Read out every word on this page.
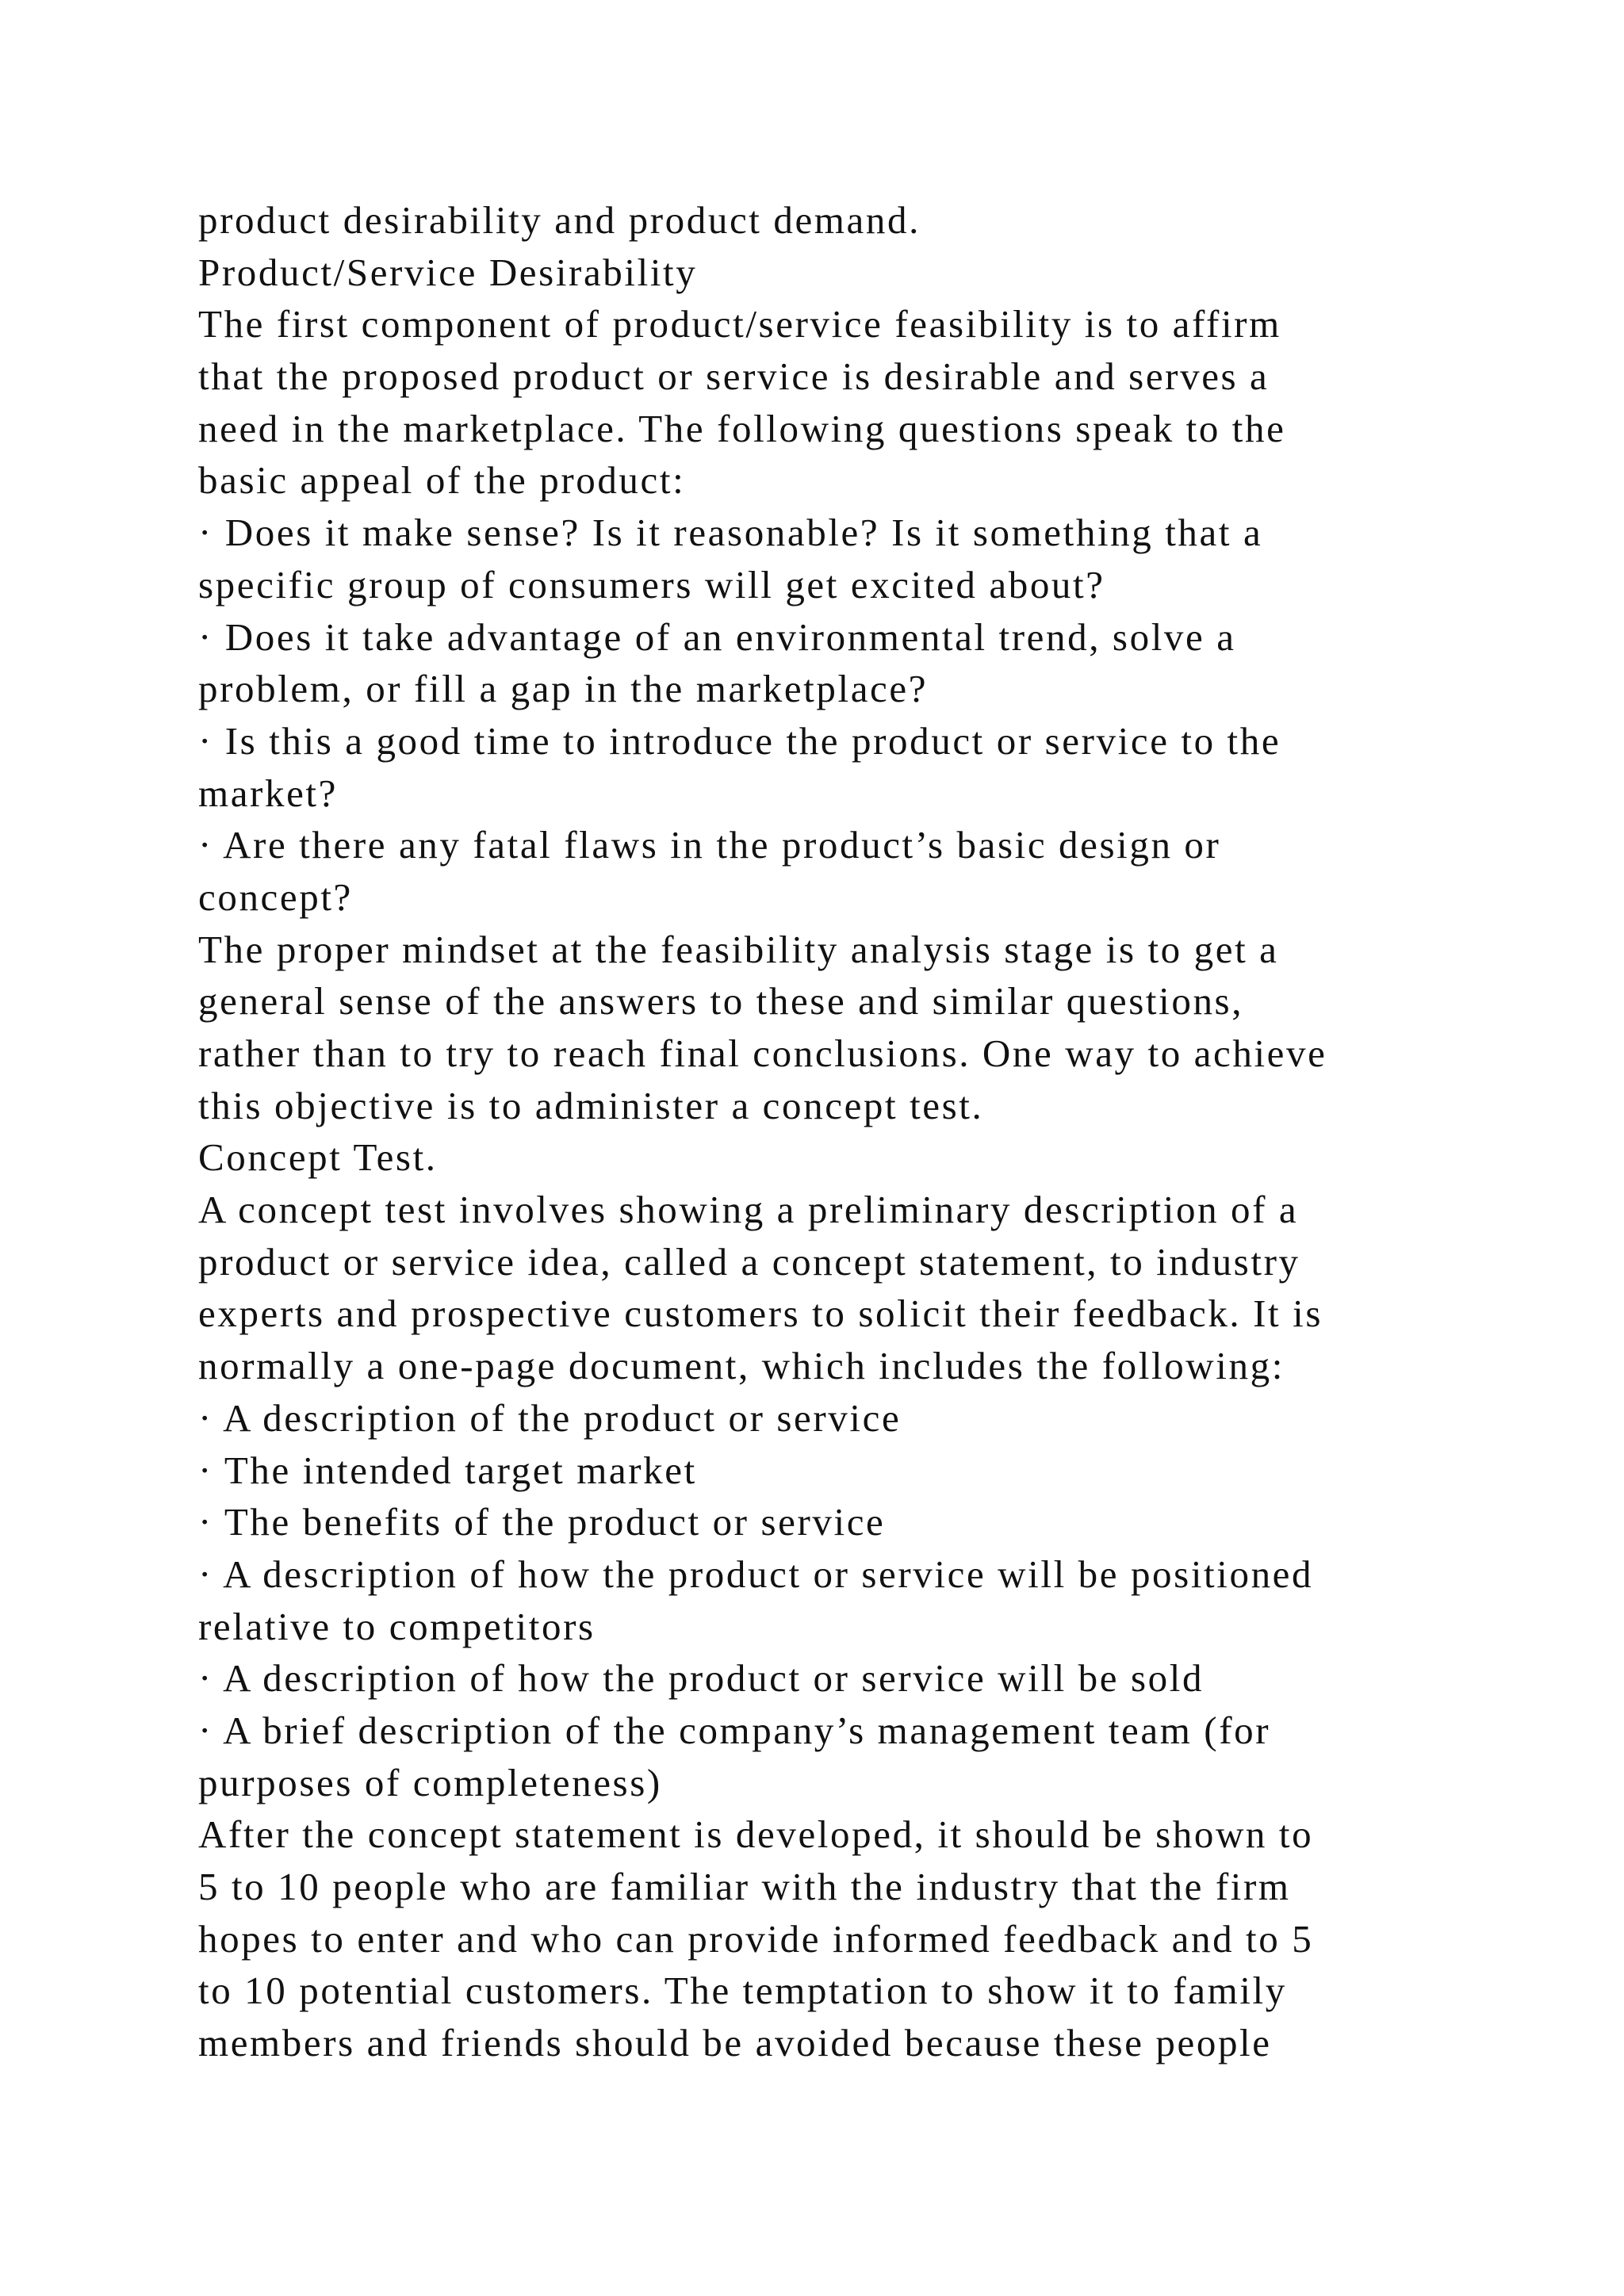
product desirability and product demand.
Product/Service Desirability
The first component of product/service feasibility is to affirm
that the proposed product or service is desirable and serves a
need in the marketplace. The following questions speak to the
basic appeal of the product:
· Does it make sense? Is it reasonable? Is it something that a
specific group of consumers will get excited about?
· Does it take advantage of an environmental trend, solve a
problem, or fill a gap in the marketplace?
· Is this a good time to introduce the product or service to the
market?
· Are there any fatal flaws in the product’s basic design or
concept?
The proper mindset at the feasibility analysis stage is to get a
general sense of the answers to these and similar questions,
rather than to try to reach final conclusions. One way to achieve
this objective is to administer a concept test.
Concept Test.
A concept test involves showing a preliminary description of a
product or service idea, called a concept statement, to industry
experts and prospective customers to solicit their feedback. It is
normally a one-page document, which includes the following:
· A description of the product or service
· The intended target market
· The benefits of the product or service
· A description of how the product or service will be positioned
relative to competitors
· A description of how the product or service will be sold
· A brief description of the company’s management team (for
purposes of completeness)
After the concept statement is developed, it should be shown to
5 to 10 people who are familiar with the industry that the firm
hopes to enter and who can provide informed feedback and to 5
to 10 potential customers. The temptation to show it to family
members and friends should be avoided because these people
